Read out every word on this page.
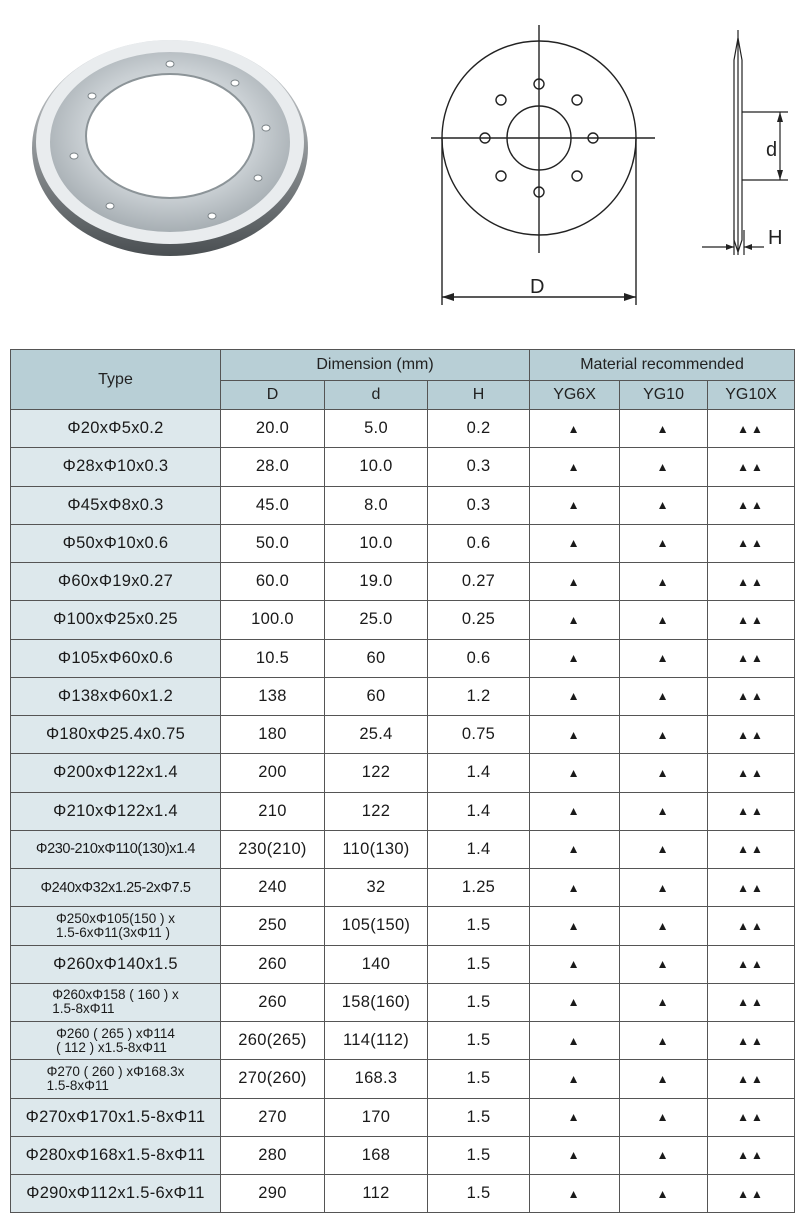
D
d
H
Type	Dimension (mm)			Material recommended		
	D	d	H	YG6X	YG10	YG10X
Φ20xΦ5x0.2	20.0	5.0	0.2	▲	▲	▲▲
Φ28xΦ10x0.3	28.0	10.0	0.3	▲	▲	▲▲
Φ45xΦ8x0.3	45.0	8.0	0.3	▲	▲	▲▲
Φ50xΦ10x0.6	50.0	10.0	0.6	▲	▲	▲▲
Φ60xΦ19x0.27	60.0	19.0	0.27	▲	▲	▲▲
Φ100xΦ25x0.25	100.0	25.0	0.25	▲	▲	▲▲
Φ105xΦ60x0.6	10.5	60	0.6	▲	▲	▲▲
Φ138xΦ60x1.2	138	60	1.2	▲	▲	▲▲
Φ180xΦ25.4x0.75	180	25.4	0.75	▲	▲	▲▲
Φ200xΦ122x1.4	200	122	1.4	▲	▲	▲▲
Φ210xΦ122x1.4	210	122	1.4	▲	▲	▲▲
Φ230-210xΦ110(130)x1.4	230(210)	110(130)	1.4	▲	▲	▲▲
Φ240xΦ32x1.25-2xΦ7.5	240	32	1.25	▲	▲	▲▲
Φ250xΦ105(150 ) x
1.5-6xΦ11(3xΦ11 )	250	105(150)	1.5	▲	▲	▲▲
Φ260xΦ140x1.5	260	140	1.5	▲	▲	▲▲
Φ260xΦ158 ( 160 ) x
1.5-8xΦ11	260	158(160)	1.5	▲	▲	▲▲
Φ260 ( 265 ) xΦ114
( 112 ) x1.5-8xΦ11	260(265)	114(112)	1.5	▲	▲	▲▲
Φ270 ( 260 ) xΦ168.3x
1.5-8xΦ11	270(260)	168.3	1.5	▲	▲	▲▲
Φ270xΦ170x1.5-8xΦ11	270	170	1.5	▲	▲	▲▲
Φ280xΦ168x1.5-8xΦ11	280	168	1.5	▲	▲	▲▲
Φ290xΦ112x1.5-6xΦ11	290	112	1.5	▲	▲	▲▲
